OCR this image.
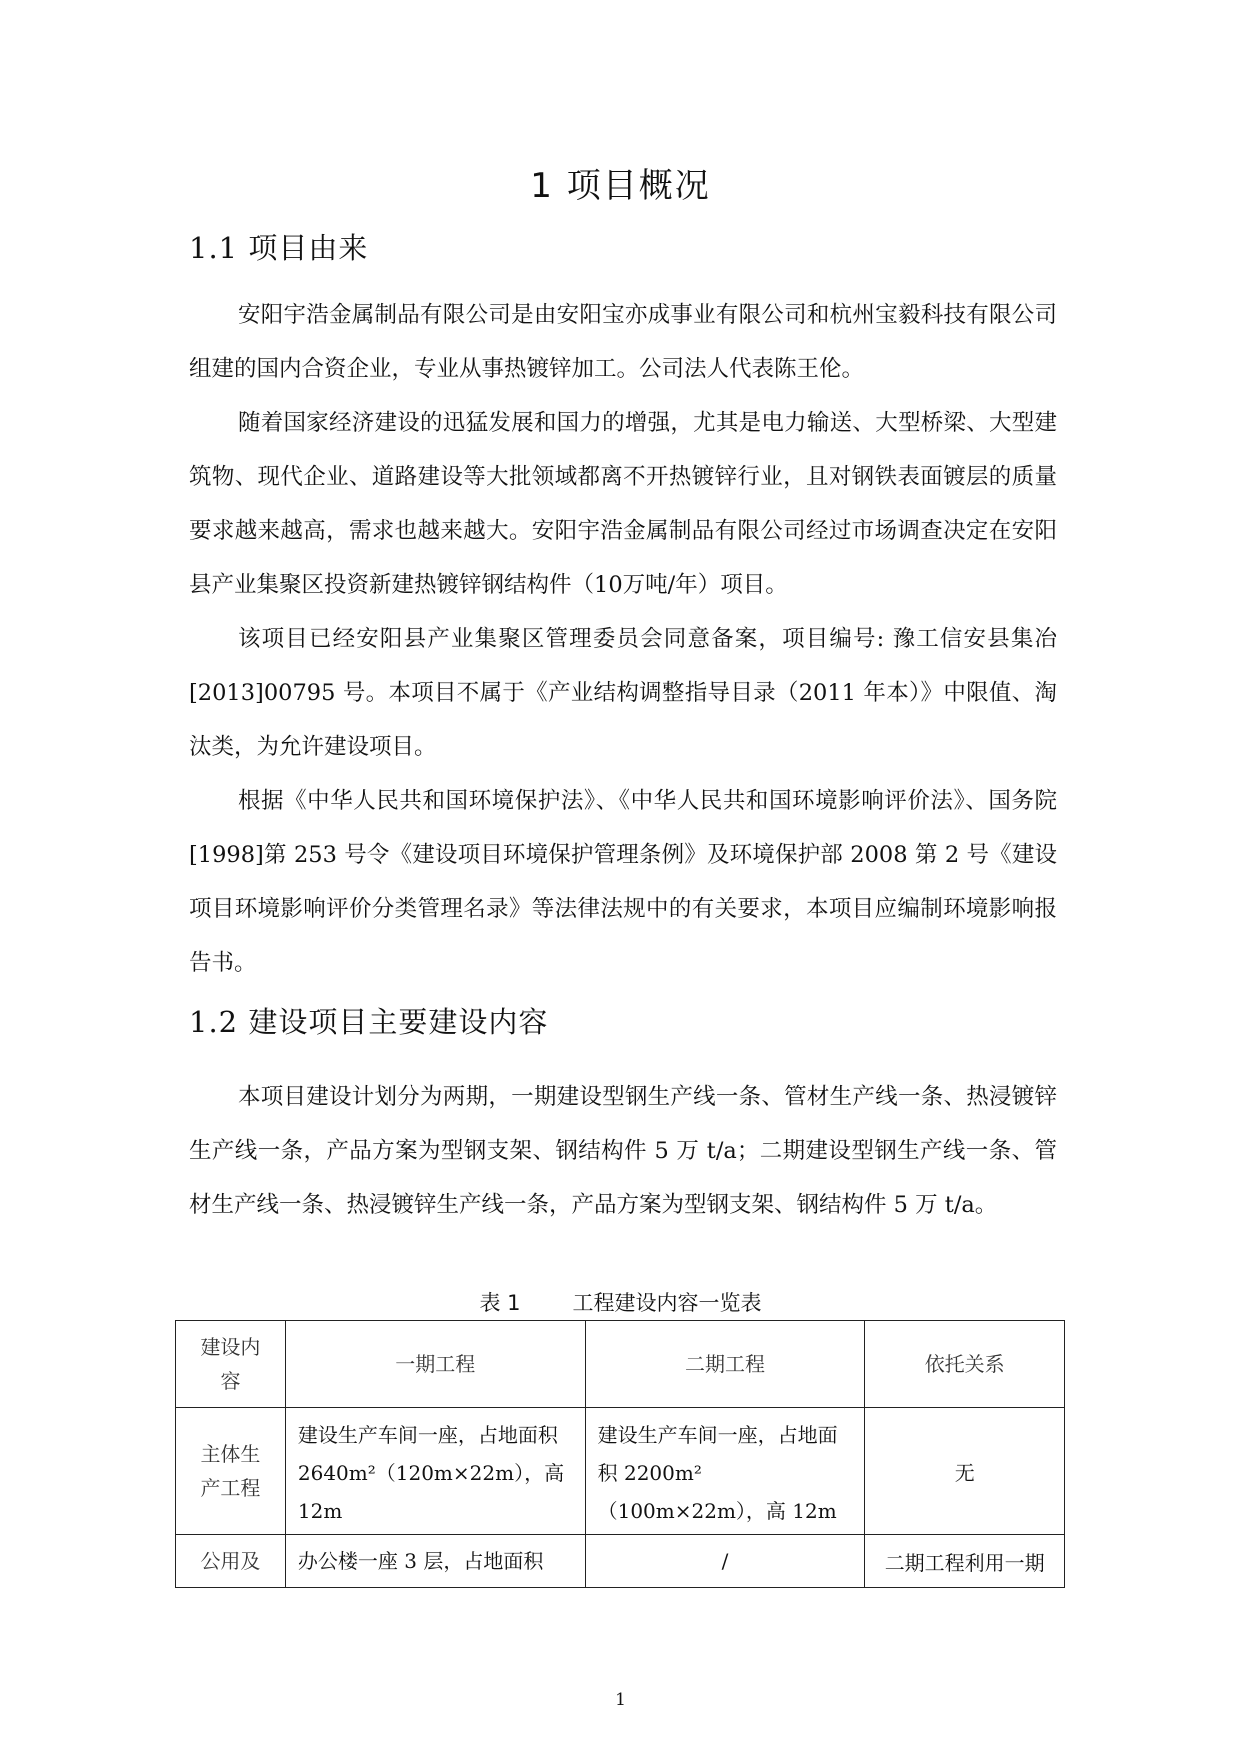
1 项目概况
1.1 项目由来

安阳宇浩金属制品有限公司是由安阳宝亦成事业有限公司和杭州宝毅科技有限公司组建的国内合资企业，专业从事热镀锌加工。公司法人代表陈王伦。

随着国家经济建设的迅猛发展和国力的增强，尤其是电力输送、大型桥梁、大型建筑物、现代企业、道路建设等大批领域都离不开热镀锌行业，且对钢铁表面镀层的质量要求越来越高，需求也越来越大。安阳宇浩金属制品有限公司经过市场调查决定在安阳县产业集聚区投资新建热镀锌钢结构件（10万吨/年）项目。

该项目已经安阳县产业集聚区管理委员会同意备案，项目编号: 豫工信安县集冶[2013]00795 号。本项目不属于《产业结构调整指导目录（2011 年本）》中限值、淘汰类，为允许建设项目。

根据《中华人民共和国环境保护法》、《中华人民共和国环境影响评价法》、国务院[1998]第 253 号令《建设项目环境保护管理条例》及环境保护部 2008 第 2 号《建设项目环境影响评价分类管理名录》等法律法规中的有关要求，本项目应编制环境影响报告书。

1.2 建设项目主要建设内容

本项目建设计划分为两期，一期建设型钢生产线一条、管材生产线一条、热浸镀锌生产线一条，产品方案为型钢支架、钢结构件 5 万 t/a；二期建设型钢生产线一条、管材生产线一条、热浸镀锌生产线一条，产品方案为型钢支架、钢结构件 5 万 t/a。

表 1 工程建设内容一览表
建设内容	一期工程	二期工程	依托关系
主体生产工程	建设生产车间一座，占地面积 2640m²（120m×22m），高 12m	建设生产车间一座，占地面积 2200m²（100m×22m），高 12m	无
公用及	办公楼一座 3 层，占地面积	/	二期工程利用一期
1
